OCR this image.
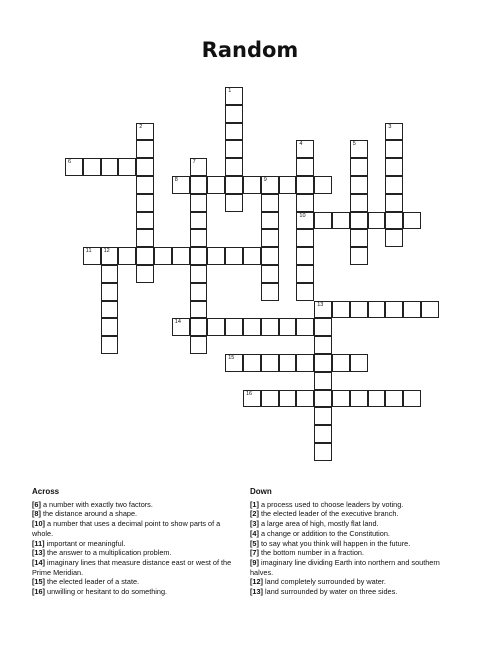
Random
1
2	3
4
10
5
6	7
8	9
11 12
13
14
15
16
Across
[6] a number with exactly two factors.
[8] the distance around a shape.
[10] a number that uses a decimal point to show parts of a whole.
[11] important or meaningful.
[13] the answer to a multiplication problem.
[14] imaginary lines that measure distance east or west of the Prime Meridian.
[15] the elected leader of a state.
[16] unwilling or hesitant to do something.
Down
[1] a process used to choose leaders by voting.
[2] the elected leader of the executive branch.
[3] a large area of high, mostly flat land.
[4] a change or addition to the Constitution.
[5] to say what you think will happen in the future.
[7] the bottom number in a fraction.
[9] imaginary line dividing Earth into northern and southern halves.
[12] land completely surrounded by water.
[13] land surrounded by water on three sides.
